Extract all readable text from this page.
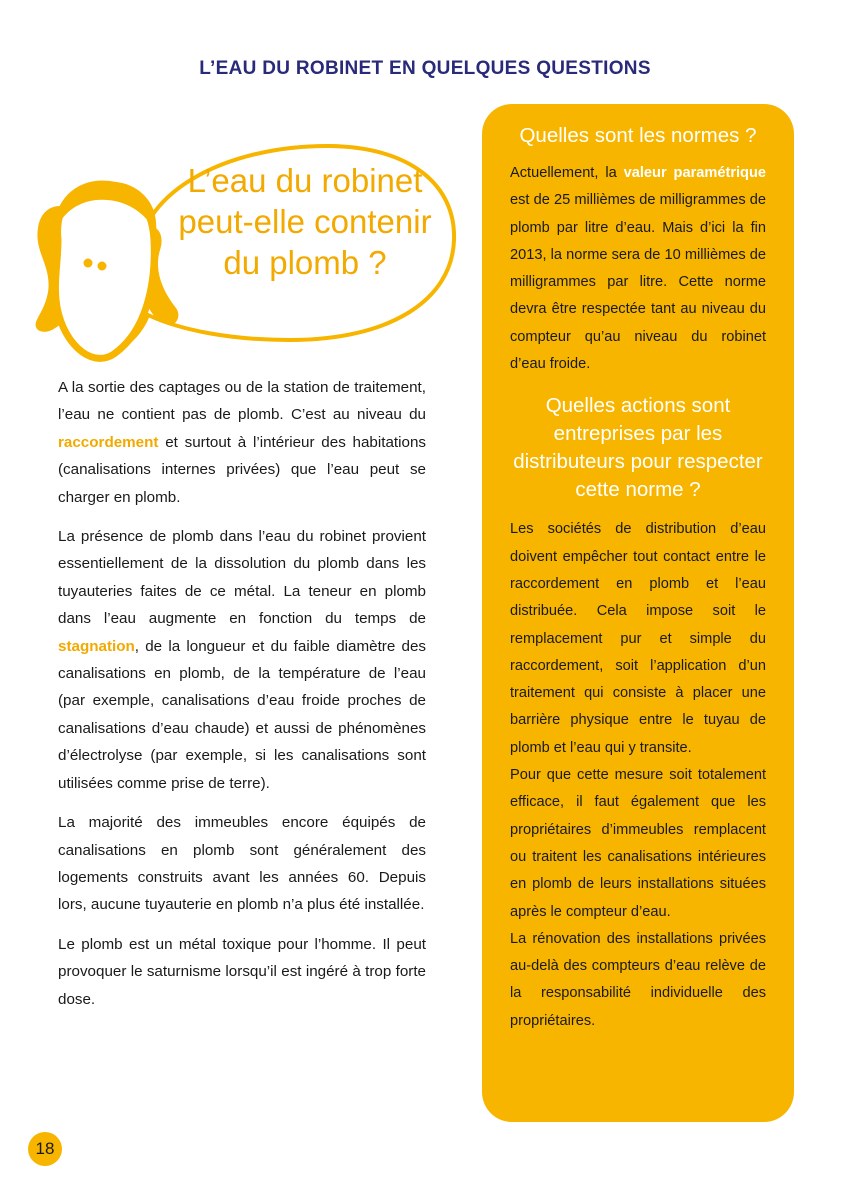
L’EAU DU ROBINET EN QUELQUES QUESTIONS
L’eau du robinet
peut-elle contenir
du plomb ?

A la sortie des captages ou de la station de traitement, l’eau ne contient pas de plomb. C’est au niveau du raccordement et surtout à l’intérieur des habitations (canalisations internes privées) que l’eau peut se charger en plomb.

La présence de plomb dans l’eau du robinet provient essentiellement de la dissolution du plomb dans les tuyauteries faites de ce métal. La teneur en plomb dans l’eau augmente en fonction du temps de stagnation, de la longueur et du faible diamètre des canalisations en plomb, de la température de l’eau (par exemple, canalisations d’eau froide proches de canalisations d’eau chaude) et aussi de phénomènes d’électrolyse (par exemple, si les canalisations sont utilisées comme prise de terre).

La majorité des immeubles encore équipés de canalisations en plomb sont généralement des logements construits avant les années 60. Depuis lors, aucune tuyauterie en plomb n’a plus été installée.

Le plomb est un métal toxique pour l’homme. Il peut provoquer le saturnisme lorsqu’il est ingéré à trop forte dose.

Quelles sont les normes ?

Actuellement, la valeur paramétrique est de 25 millièmes de milligrammes de plomb par litre d’eau. Mais d’ici la fin 2013, la norme sera de 10 millièmes de milligrammes par litre. Cette norme devra être respectée tant au niveau du compteur qu’au niveau du robinet d’eau froide.

Quelles actions sont entreprises par les distributeurs pour respecter cette norme ?

Les sociétés de distribution d’eau doivent empêcher tout contact entre le raccordement en plomb et l’eau distribuée. Cela impose soit le remplacement pur et simple du raccordement, soit l’application d’un traitement qui consiste à placer une barrière physique entre le tuyau de plomb et l’eau qui y transite.

Pour que cette mesure soit totalement efficace, il faut également que les propriétaires d’immeubles remplacent ou traitent les canalisations intérieures en plomb de leurs installations situées après le compteur d’eau.

La rénovation des installations privées au-delà des compteurs d’eau relève de la responsabilité individuelle des propriétaires.

18
